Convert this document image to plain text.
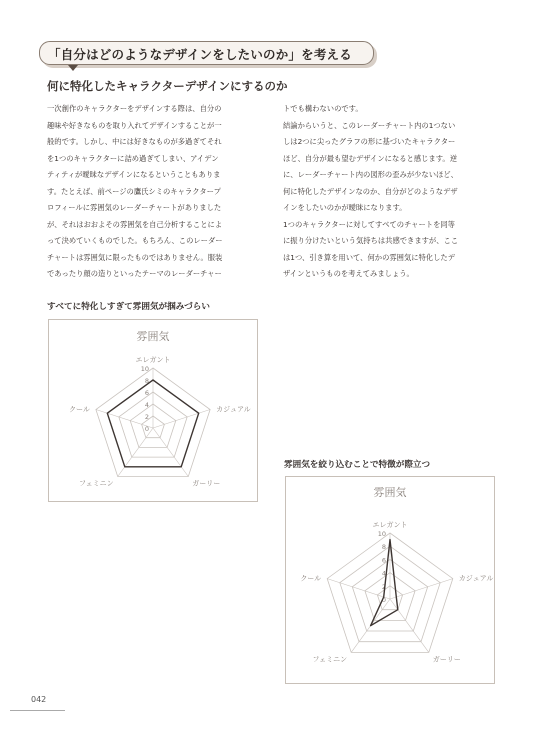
「自分はどのようなデザインをしたいのか」を考える
何に特化したキャラクターデザインにするのか

一次創作のキャラクターをデザインする際は、自分の

趣味や好きなものを取り入れてデザインすることが一

般的です。しかし、中には好きなものが多過ぎてそれ

を1つのキャラクターに詰め過ぎてしまい、アイデン

ティティが曖昧なデザインになるということもありま

す。たとえば、前ページの鷹氏シミのキャラクタープ

ロフィールに雰囲気のレーダーチャートがありました

が、それはおおよその雰囲気を自己分析することによ

って決めていくものでした。もちろん、このレーダー

チャートは雰囲気に限ったものではありません。服装

であったり顔の造りといったテーマのレーダーチャー

トでも構わないのです。

結論からいうと、このレーダーチャート内の1つない

しは2つに尖ったグラフの形に基づいたキャラクター

ほど、自分が最も望むデザインになると感じます。逆

に、レーダーチャート内の図形の歪みが少ないほど、

何に特化したデザインなのか、自分がどのようなデザ

インをしたいのかが曖昧になります。

1つのキャラクターに対してすべてのチャートを同等

に振り分けたいという気持ちは共感できますが、ここ

は1つ、引き算を用いて、何かの雰囲気に特化したデ

ザインというものを考えてみましょう。

すべてに特化しすぎて雰囲気が掴みづらい
雰囲気
0
2
4
6
8
10
エレガント
カジュアル
ガーリー
フェミニン
クール
雰囲気を絞り込むことで特徴が際立つ
雰囲気
0
2
4
6
8
10
エレガント
カジュアル
ガーリー
フェミニン
クール
042
